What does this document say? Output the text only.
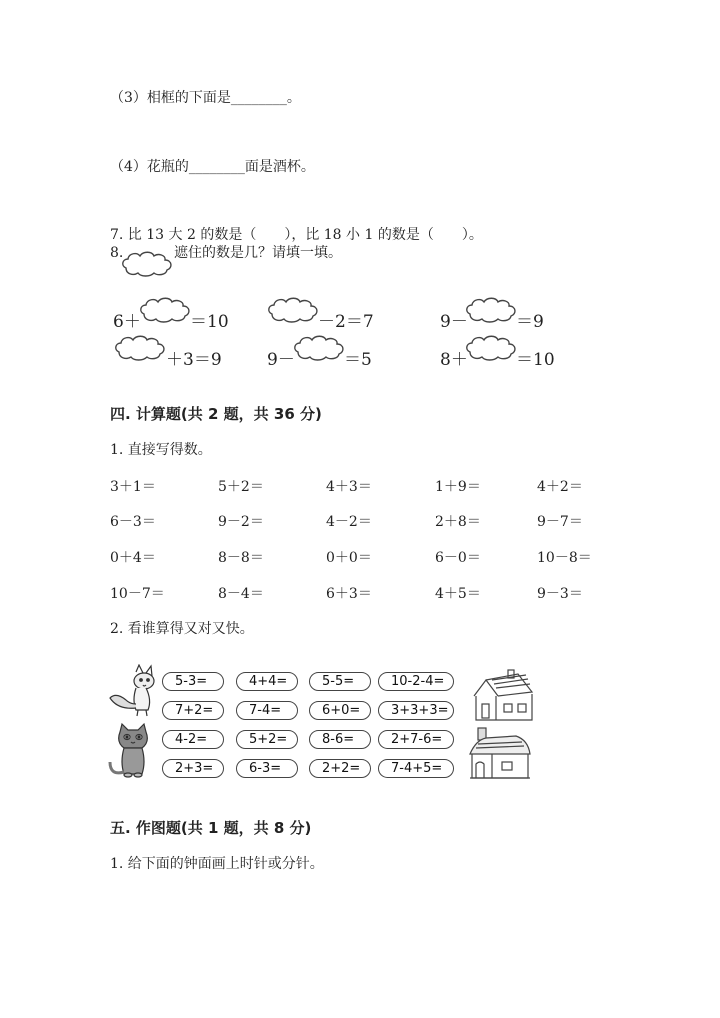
（3）相框的下面是________。
（4）花瓶的________面是酒杯。
7. 比 13 大 2 的数是（　　），比 18 小 1 的数是（　　）。
8.	遮住的数是几？请填一填。
6＋	＝10	－2＝7	9－	＝9
＋3＝9	9－	＝5	8＋	＝10
四. 计算题(共 2 题，共 36 分)
1. 直接写得数。
3＋1＝	5＋2＝	4＋3＝	1＋9＝	4＋2＝
6－3＝	9－2＝	4－2＝	2＋8＝	9－7＝
0＋4＝	8－8＝	0＋0＝	6－0＝	10－8＝
10－7＝	8－4＝	6＋3＝	4＋5＝	9－3＝
2. 看谁算得又对又快。
5-3=	4+4=	5-5=	10-2-4=
7+2=	7-4=	6+0= 3+3+3=
4-2=	5+2=	8-6=	2+7-6=
2+3=	6-3=	2+2= 7-4+5=
五. 作图题(共 1 题，共 8 分)
1. 给下面的钟面画上时针或分针。
